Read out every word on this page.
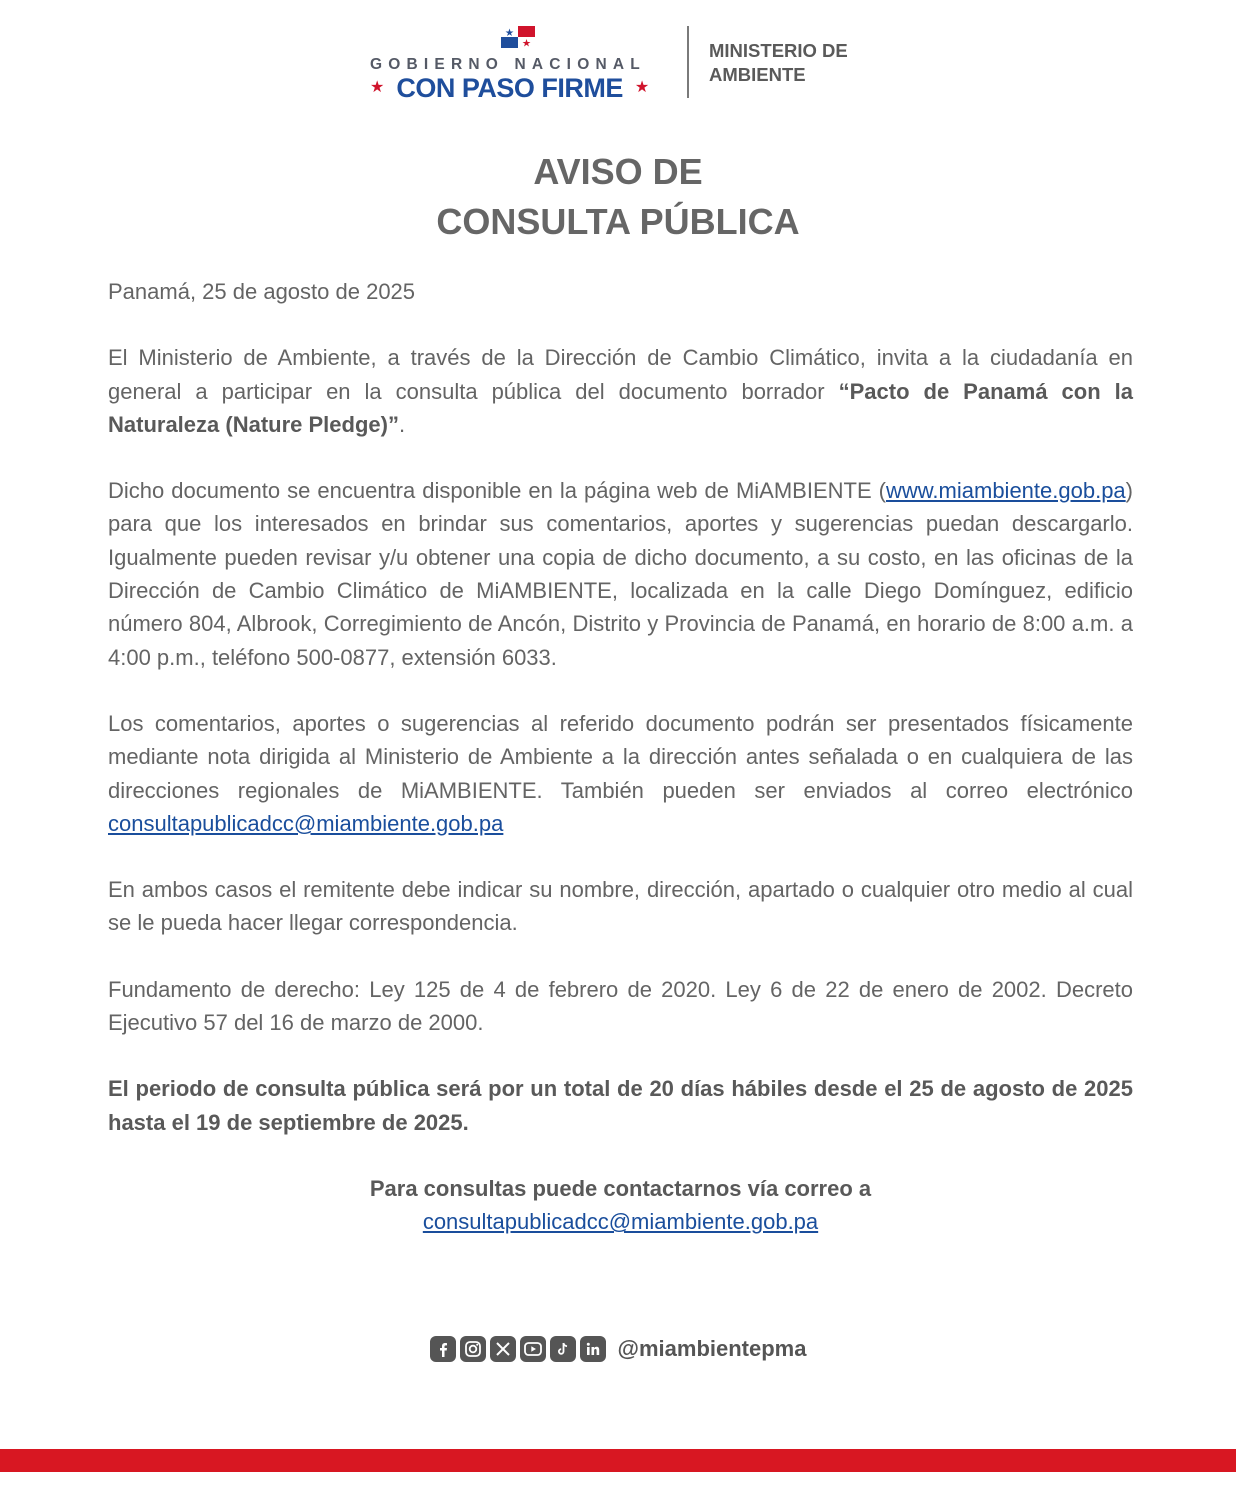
GOBIERNO NACIONAL
★ CON PASO FIRME ★
MINISTERIO DE
AMBIENTE
AVISO DE
CONSULTA PÚBLICA

Panamá, 25 de agosto de 2025

El Ministerio de Ambiente, a través de la Dirección de Cambio Climático, invita a la ciudadanía en general a participar en la consulta pública del documento borrador “Pacto de Panamá con la Naturaleza (Nature Pledge)”.

Dicho documento se encuentra disponible en la página web de MiAMBIENTE (www.miambiente.gob.pa) para que los interesados en brindar sus comentarios, aportes y sugerencias puedan descargarlo. Igualmente pueden revisar y/u obtener una copia de dicho documento, a su costo, en las oficinas de la Dirección de Cambio Climático de MiAMBIENTE, localizada en la calle Diego Domínguez, edificio número 804, Albrook, Corregimiento de Ancón, Distrito y Provincia de Panamá, en horario de 8:00 a.m. a 4:00 p.m., teléfono 500-0877, extensión 6033.

Los comentarios, aportes o sugerencias al referido documento podrán ser presentados físicamente mediante nota dirigida al Ministerio de Ambiente a la dirección antes señalada o en cualquiera de las direcciones regionales de MiAMBIENTE. También pueden ser enviados al correo electrónico consultapublicadcc@miambiente.gob.pa

En ambos casos el remitente debe indicar su nombre, dirección, apartado o cualquier otro medio al cual se le pueda hacer llegar correspondencia.

Fundamento de derecho: Ley 125 de 4 de febrero de 2020. Ley 6 de 22 de enero de 2002. Decreto Ejecutivo 57 del 16 de marzo de 2000.

El periodo de consulta pública será por un total de 20 días hábiles desde el 25 de agosto de 2025 hasta el 19 de septiembre de 2025.

Para consultas puede contactarnos vía correo a
consultapublicadcc@miambiente.gob.pa

@miambientepma
